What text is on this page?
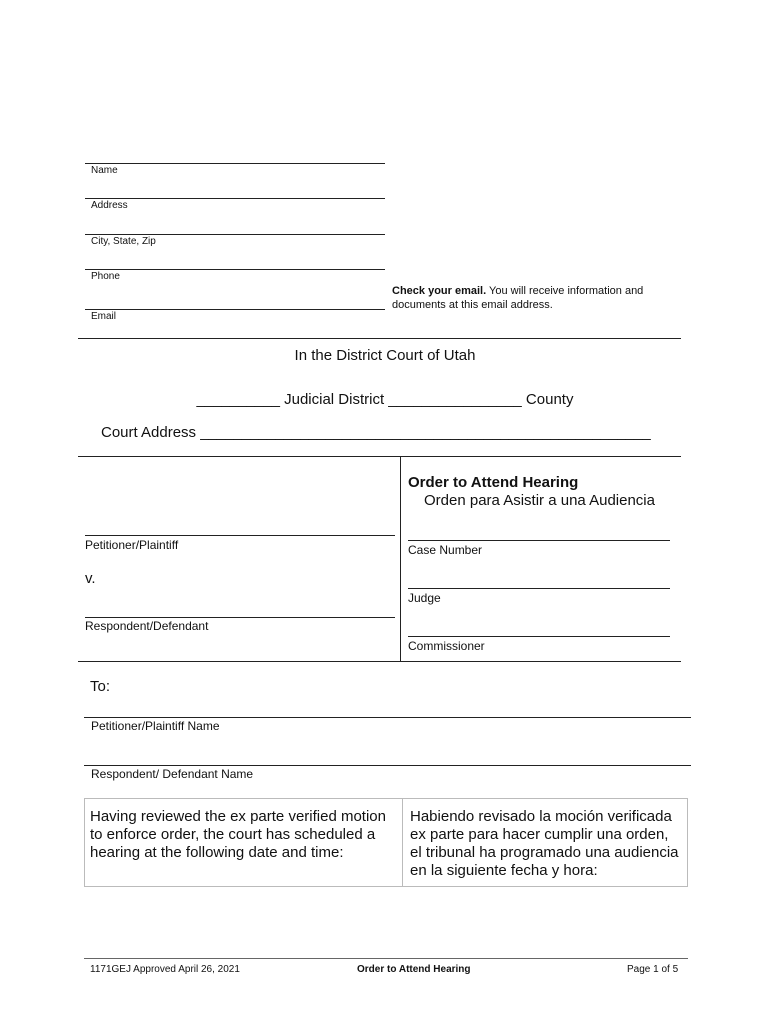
Name
Address
City, State, Zip
Phone
Email
Check your email. You will receive information and documents at this email address.
In the District Court of Utah
__________ Judicial District ________________ County
Court Address ______________________________________________________
Petitioner/Plaintiff
v.
Respondent/Defendant
Order to Attend Hearing
Orden para Asistir a una Audiencia
Case Number
Judge
Commissioner
To:
Petitioner/Plaintiff Name
Respondent/ Defendant Name
Having reviewed the ex parte verified motion to enforce order, the court has scheduled a hearing at the following date and time:
Habiendo revisado la moción verificada ex parte para hacer cumplir una orden, el tribunal ha programado una audiencia en la siguiente fecha y hora:
1171GEJ Approved April 26, 2021	Order to Attend Hearing	Page 1 of 5
